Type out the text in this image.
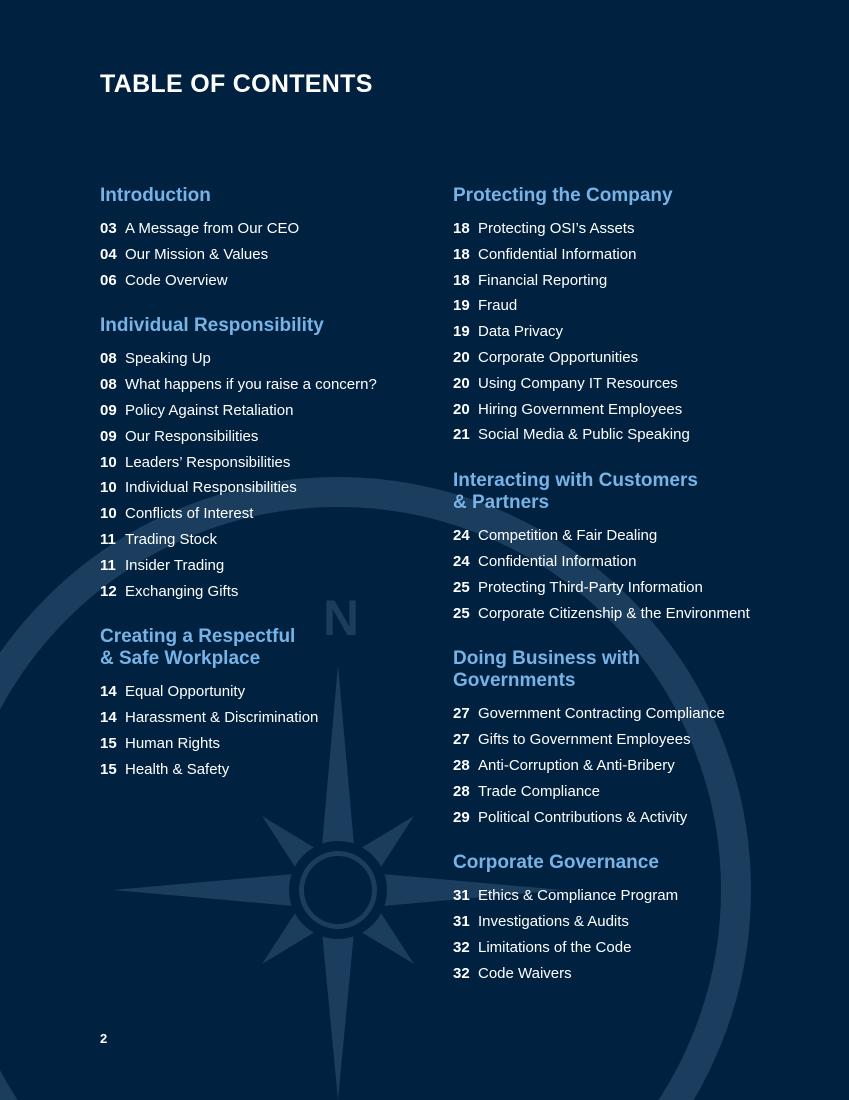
N
TABLE OF CONTENTS
Introduction
03 A Message from Our CEO
04 Our Mission & Values
06 Code Overview
Individual Responsibility
08 Speaking Up
08 What happens if you raise a concern?
09 Policy Against Retaliation
09 Our Responsibilities
10 Leaders’ Responsibilities
10 Individual Responsibilities
10 Conflicts of Interest
11 Trading Stock
11 Insider Trading
12 Exchanging Gifts
Creating a Respectful
& Safe Workplace
14 Equal Opportunity
14 Harassment & Discrimination
15 Human Rights
15 Health & Safety
Protecting the Company
18 Protecting OSI’s Assets
18 Confidential Information
18 Financial Reporting
19 Fraud
19 Data Privacy
20 Corporate Opportunities
20 Using Company IT Resources
20 Hiring Government Employees
21 Social Media & Public Speaking
Interacting with Customers
& Partners
24 Competition & Fair Dealing
24 Confidential Information
25 Protecting Third-Party Information
25 Corporate Citizenship & the Environment
Doing Business with
Governments
27 Government Contracting Compliance
27 Gifts to Government Employees
28 Anti-Corruption & Anti-Bribery
28 Trade Compliance
29 Political Contributions & Activity
Corporate Governance
31 Ethics & Compliance Program
31 Investigations & Audits
32 Limitations of the Code
32 Code Waivers
2
